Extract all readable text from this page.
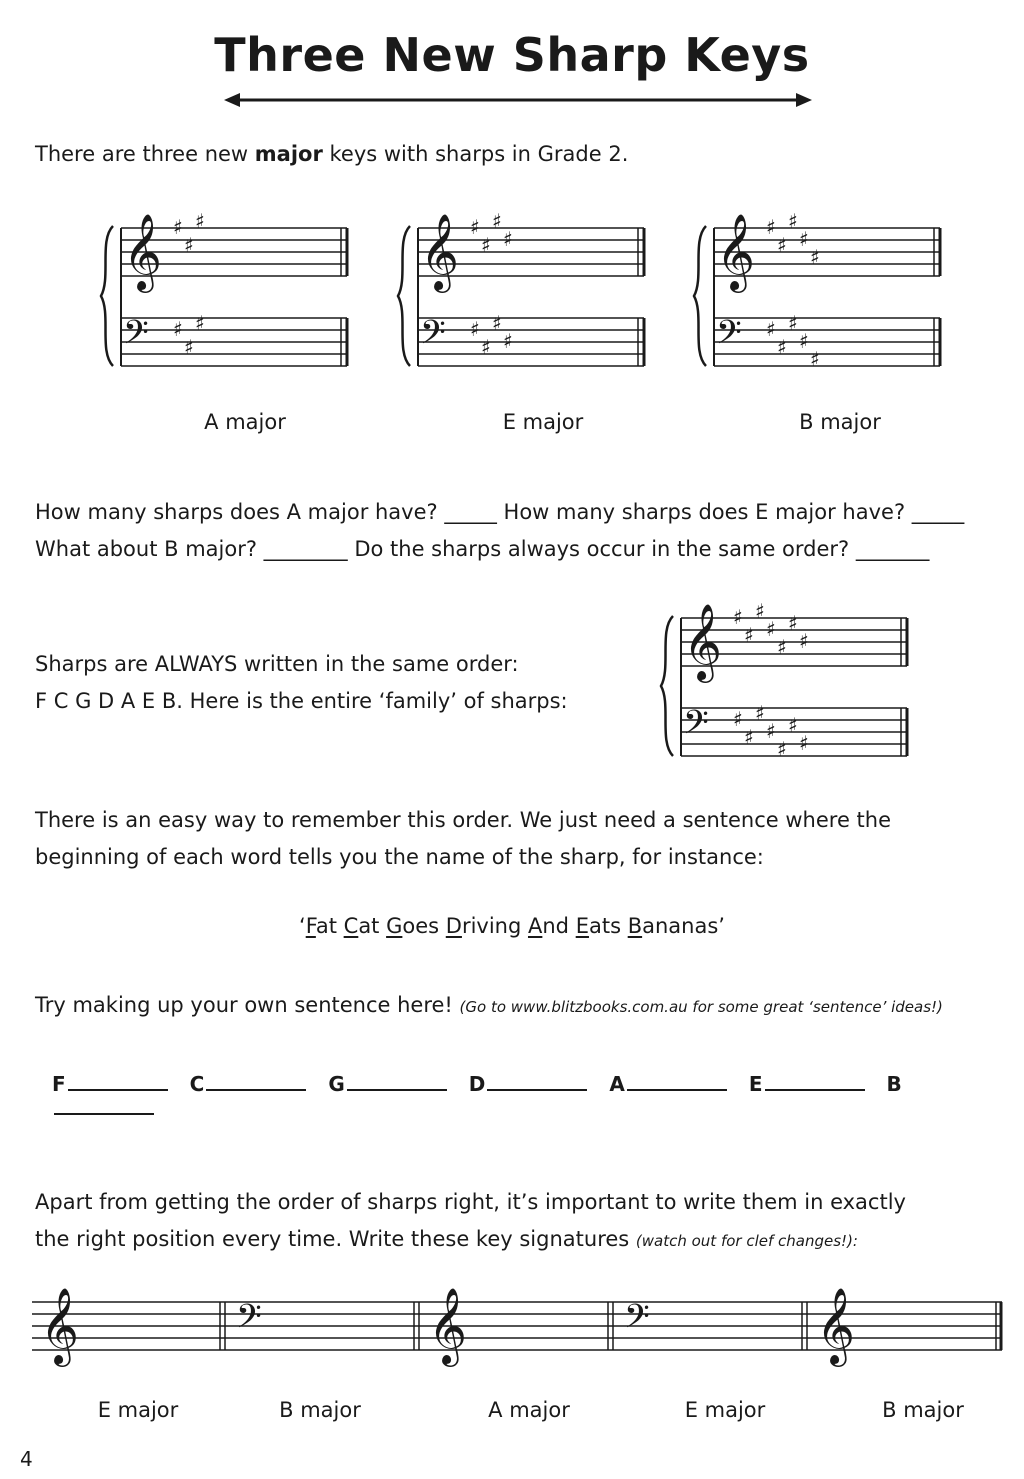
Three New Sharp Keys
There are three new major keys with sharps in Grade 2.
𝄞
𝄢
♯
♯
♯
♯
♯
♯
𝄞
𝄢
♯
♯
♯
♯
♯
♯
♯
♯
𝄞
𝄢
♯
♯
♯
♯
♯
♯
♯
♯
♯
♯
A major	E major	B major
How many sharps does A major have? _____ How many sharps does E major have? _____
What about B major? ________ Do the sharps always occur in the same order? _______
Sharps are ALWAYS written in the same order:
F C G D A E B. Here is the entire ‘family’ of sharps:
𝄞
𝄢
♯
♯
♯
♯
♯
♯
♯
♯
♯
♯
♯
♯
♯
♯
There is an easy way to remember this order. We just need a sentence where the
beginning of each word tells you the name of the sharp, for instance:
‘Fat Cat Goes Driving And Eats Bananas’
Try making up your own sentence here! (Go to www.blitzbooks.com.au for some great ‘sentence’ ideas!)
F	C	G	D	A	E	B
Apart from getting the order of sharps right, it’s important to write them in exactly
the right position every time. Write these key signatures (watch out for clef changes!):
𝄞	𝄢	𝄞	𝄢	𝄞
E major	B major	A major	E major	B major
4
